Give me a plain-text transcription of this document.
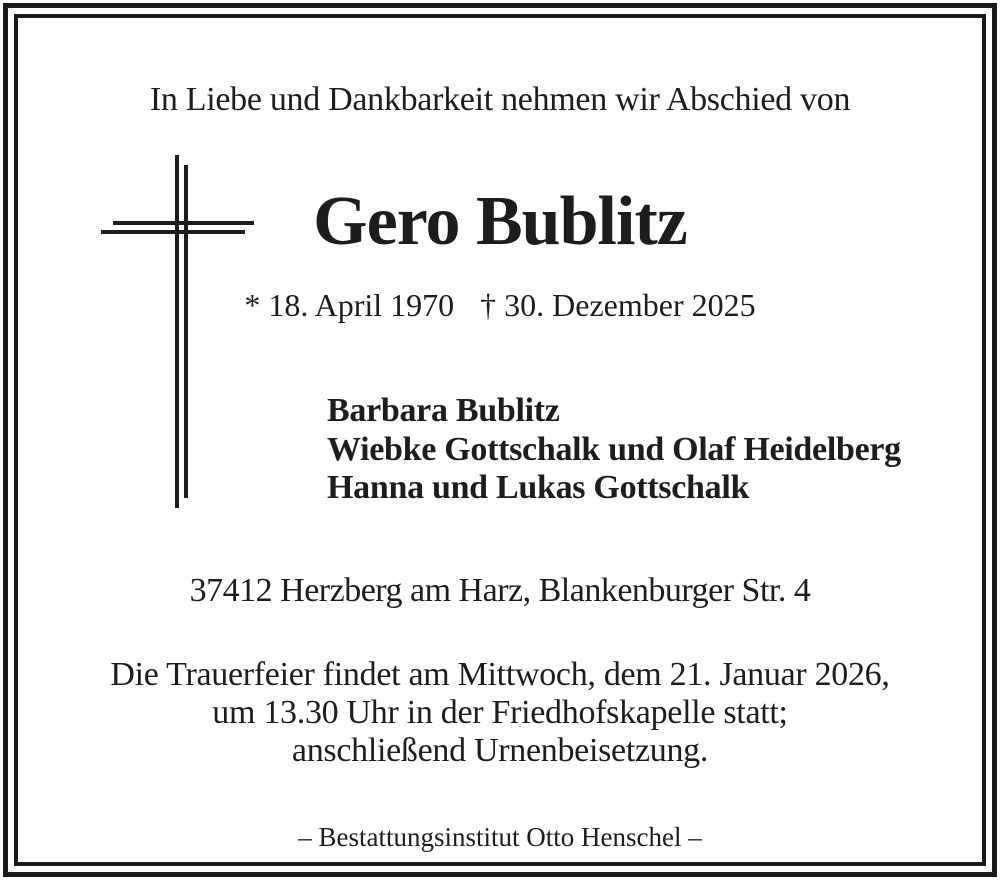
In Liebe und Dankbarkeit nehmen wir Abschied von
Gero Bublitz
* 18. April 1970 † 30. Dezember 2025
Barbara Bublitz
Wiebke Gottschalk und Olaf Heidelberg
Hanna und Lukas Gottschalk
37412 Herzberg am Harz, Blankenburger Str. 4
Die Trauerfeier findet am Mittwoch, dem 21. Januar 2026,
um 13.30 Uhr in der Friedhofskapelle statt;
anschließend Urnenbeisetzung.
– Bestattungsinstitut Otto Henschel –
